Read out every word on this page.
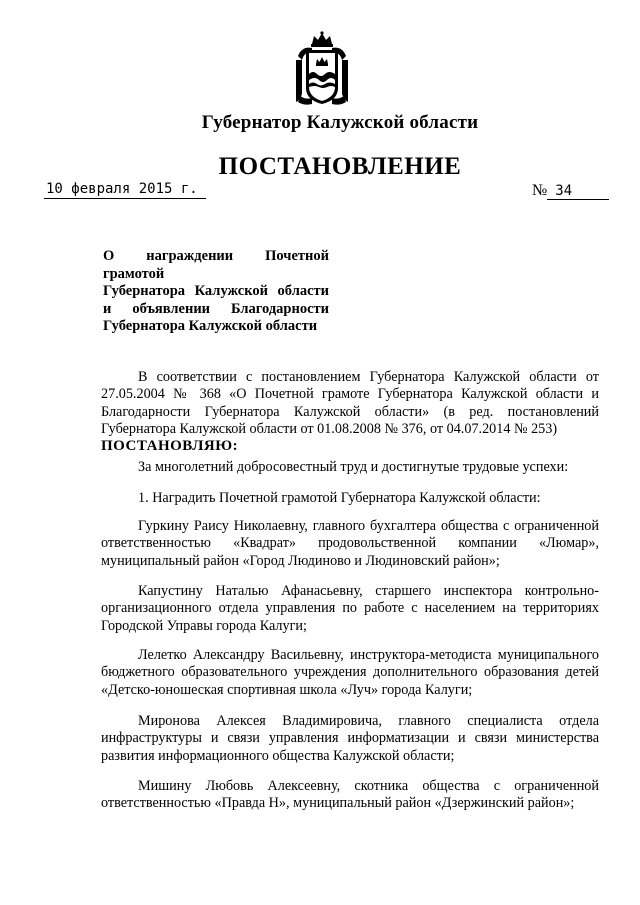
Губернатор Калужской области
ПОСТАНОВЛЕНИЕ
10 февраля 2015 г.	№ 34
О награждении Почетной грамотой
Губернатора Калужской области
и объявлении Благодарности
Губернатора Калужской области

В соответствии с постановлением Губернатора Калужской области от 27.05.2004 № 368 «О Почетной грамоте Губернатора Калужской области и Благодарности Губернатора Калужской области» (в ред. постановлений Губернатора Калужской области от 01.08.2008 № 376, от 04.07.2014 № 253)

ПОСТАНОВЛЯЮ:

За многолетний добросовестный труд и достигнутые трудовые успехи:

1. Наградить Почетной грамотой Губернатора Калужской области:

Гуркину Раису Николаевну, главного бухгалтера общества с ограниченной ответственностью «Квадрат» продовольственной компании «Люмар», муниципальный район «Город Людиново и Людиновский район»;

Капустину Наталью Афанасьевну, старшего инспектора контрольно-организационного отдела управления по работе с населением на территориях Городской Управы города Калуги;

Лелетко Александру Васильевну, инструктора-методиста муниципального бюджетного образовательного учреждения дополнительного образования детей «Детско-юношеская спортивная школа «Луч» города Калуги;

Миронова Алексея Владимировича, главного специалиста отдела инфраструктуры и связи управления информатизации и связи министерства развития информационного общества Калужской области;

Мишину Любовь Алексеевну, скотника общества с ограниченной ответственностью «Правда Н», муниципальный район «Дзержинский район»;
